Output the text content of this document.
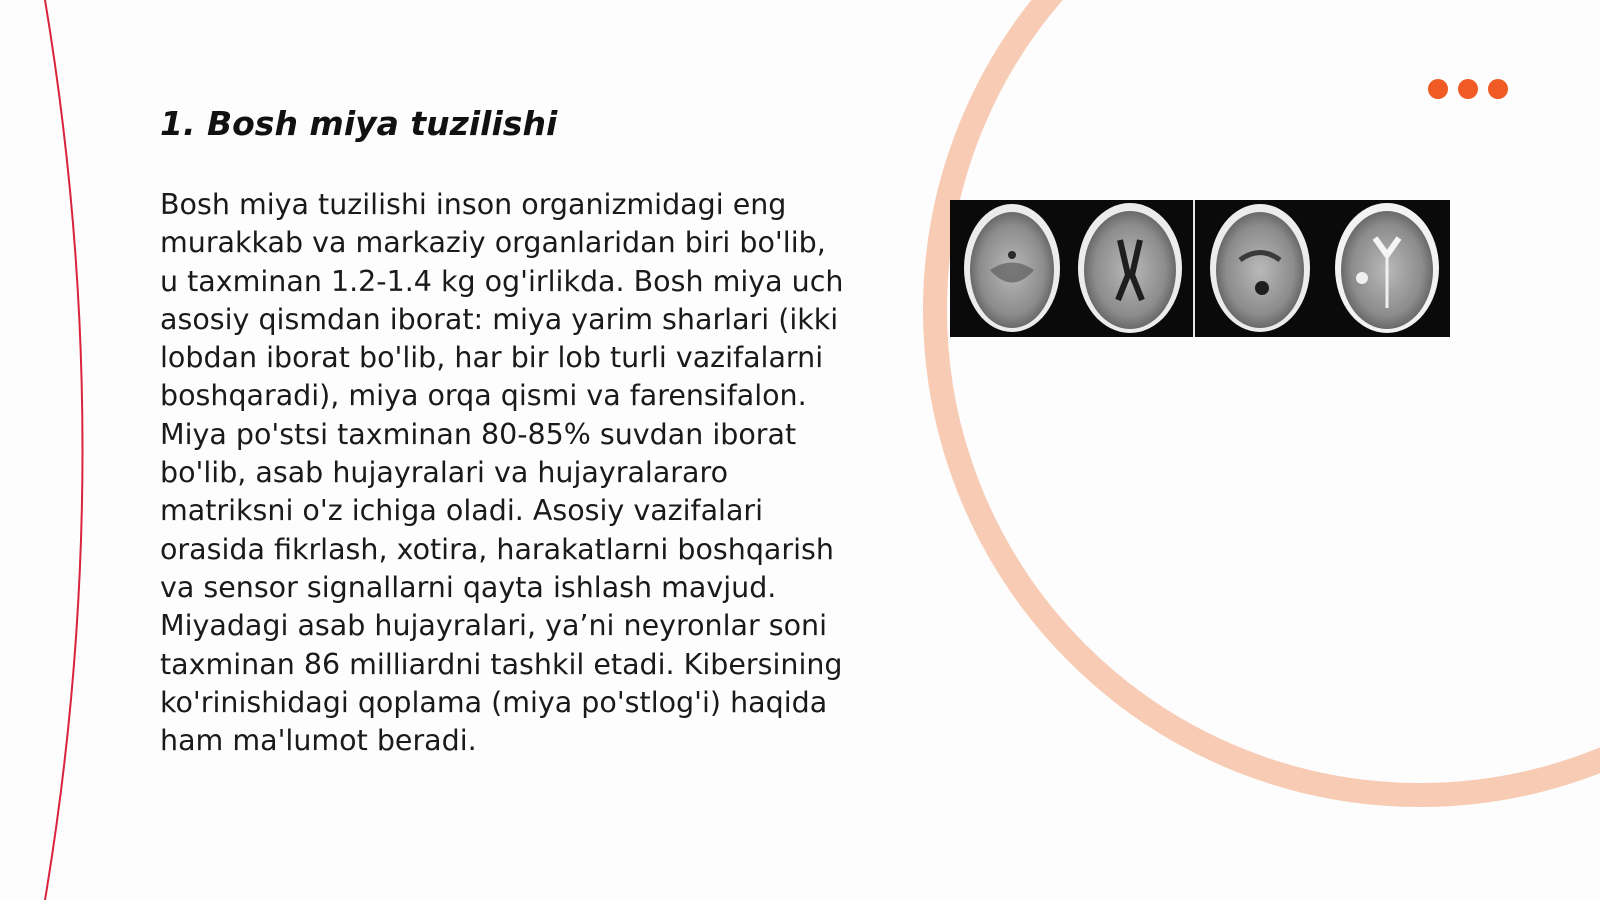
1. Bosh miya tuzilishi

Bosh miya tuzilishi inson organizmidagi eng murakkab va markaziy organlaridan biri bo'lib, u taxminan 1.2-1.4 kg og'irlikda. Bosh miya uch asosiy qismdan iborat: miya yarim sharlari (ikki lobdan iborat bo'lib, har bir lob turli vazifalarni boshqaradi), miya orqa qismi va farensifalon. Miya po'stsi taxminan 80-85% suvdan iborat bo'lib, asab hujayralari va hujayralararo matriksni o'z ichiga oladi. Asosiy vazifalari orasida fikrlash, xotira, harakatlarni boshqarish va sensor signallarni qayta ishlash mavjud. Miyadagi asab hujayralari, ya’ni neyronlar soni taxminan 86 milliardni tashkil etadi. Kibersining ko'rinishidagi qoplama (miya po'stlog'i) haqida ham ma'lumot beradi.
